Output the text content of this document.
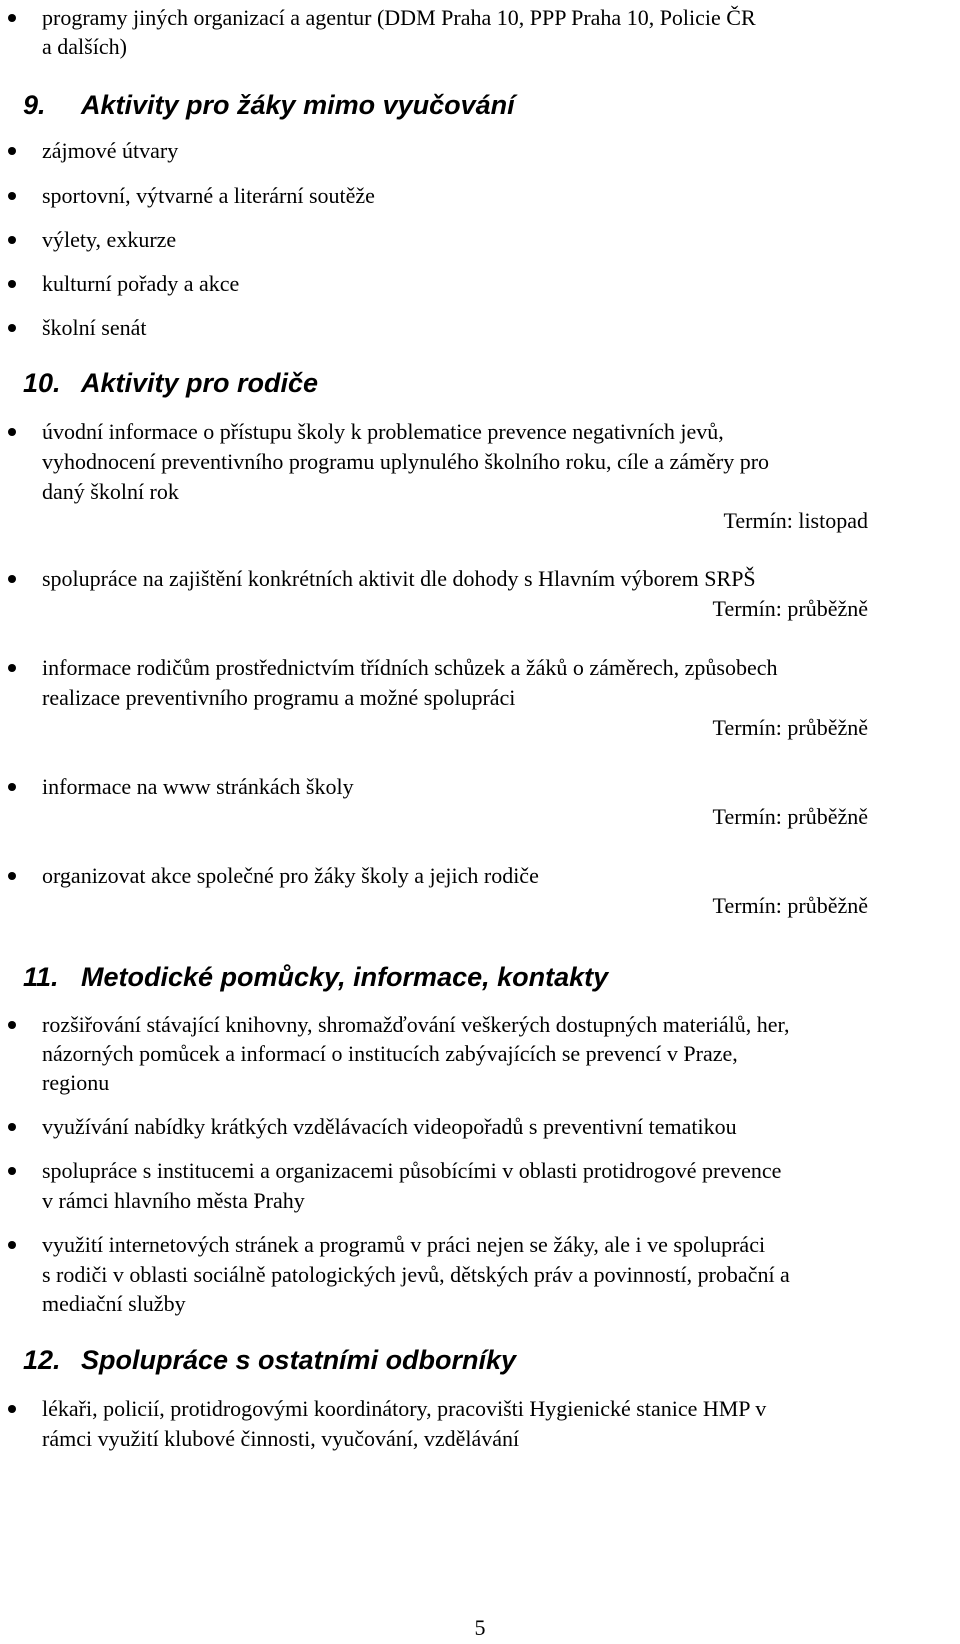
programy jiných organizací a agentur (DDM Praha 10, PPP Praha 10, Policie ČR
a dalších)
9. Aktivity pro žáky mimo vyučování
zájmové útvary
sportovní, výtvarné a literární soutěže
výlety, exkurze
kulturní pořady a akce
školní senát
10. Aktivity pro rodiče
úvodní informace o přístupu školy k problematice prevence negativních jevů,
vyhodnocení preventivního programu uplynulého školního roku, cíle a záměry pro
daný školní rok
Termín: listopad
spolupráce na zajištění konkrétních aktivit dle dohody s Hlavním výborem SRPŠ
Termín: průběžně
informace rodičům prostřednictvím třídních schůzek a žáků o záměrech, způsobech
realizace preventivního programu a možné spolupráci
Termín: průběžně
informace na www stránkách školy
Termín: průběžně
organizovat akce společné pro žáky školy a jejich rodiče
Termín: průběžně
11. Metodické pomůcky, informace, kontakty
rozšiřování stávající knihovny, shromažďování veškerých dostupných materiálů, her,
názorných pomůcek a informací o institucích zabývajících se prevencí v Praze,
regionu
využívání nabídky krátkých vzdělávacích videopořadů s preventivní tematikou
spolupráce s institucemi a organizacemi působícími v oblasti protidrogové prevence
v rámci hlavního města Prahy
využití internetových stránek a programů v práci nejen se žáky, ale i ve spolupráci
s rodiči v oblasti sociálně patologických jevů, dětských práv a povinností, probační a
mediační služby
12. Spolupráce s ostatními odborníky
lékaři, policií, protidrogovými koordinátory, pracovišti Hygienické stanice HMP v
rámci využití klubové činnosti, vyučování, vzdělávání
5
